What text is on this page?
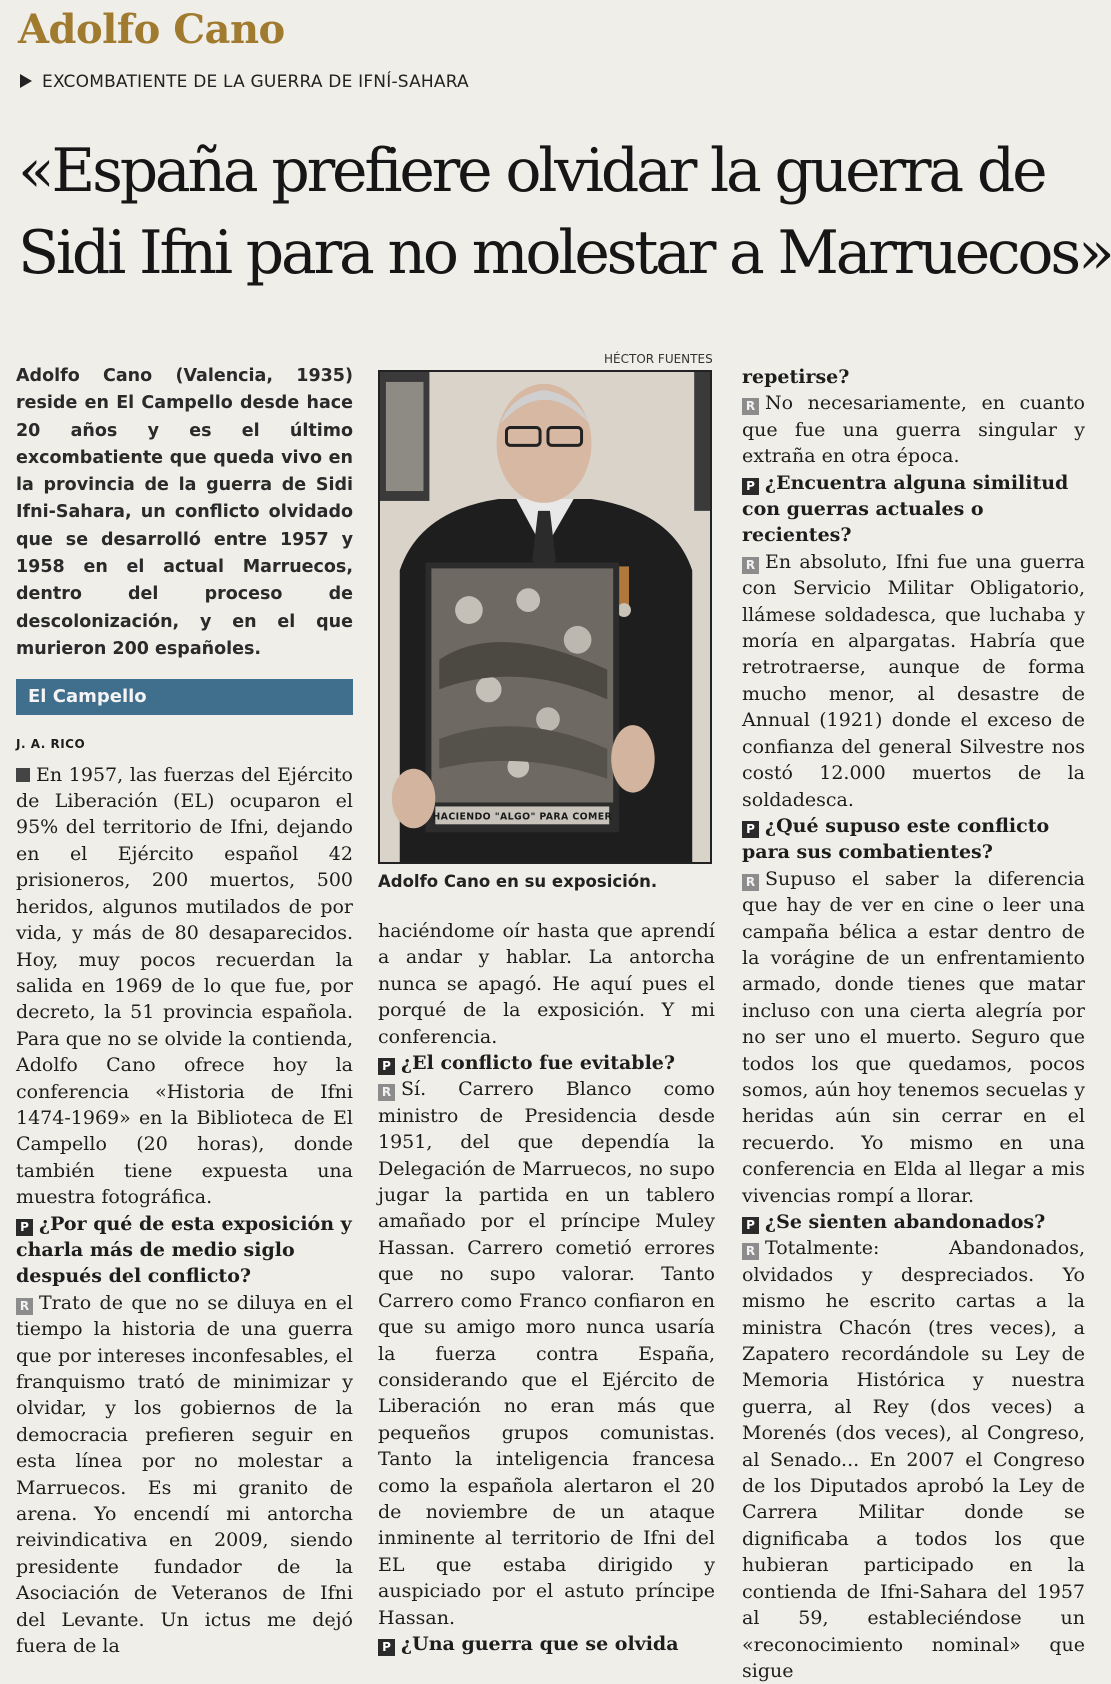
Adolfo Cano
EXCOMBATIENTE DE LA GUERRA DE IFNÍ-SAHARA
«España prefiere olvidar la guerra de
Sidi Ifni para no molestar a Marruecos»

Adolfo Cano (Valencia, 1935) reside en El Campello desde hace 20 años y es el último excombatiente que queda vivo en la provincia de la guerra de Sidi Ifni-Sahara, un conflicto olvidado que se desarrolló entre 1957 y 1958 en el actual Marruecos, dentro del proceso de descolonización, y en el que murieron 200 españoles.

El Campello
J. A. RICO

En 1957, las fuerzas del Ejército de Liberación (EL) ocuparon el 95% del territorio de Ifni, dejando en el Ejército español 42 prisioneros, 200 muertos, 500 heridos, algunos mutilados de por vida, y más de 80 desaparecidos. Hoy, muy pocos recuerdan la salida en 1969 de lo que fue, por decreto, la 51 provincia española. Para que no se olvide la contienda, Adolfo Cano ofrece hoy la conferencia «Historia de Ifni 1474-1969» en la Biblioteca de El Campello (20 horas), donde también tiene expuesta una muestra fotográfica.

P ¿Por qué de esta exposición y charla más de medio siglo después del conflicto?

R Trato de que no se diluya en el tiempo la historia de una guerra que por intereses inconfesables, el franquismo trató de minimizar y olvidar, y los gobiernos de la democracia prefieren seguir en esta línea por no molestar a Marruecos. Es mi granito de arena. Yo encendí mi antorcha reivindicativa en 2009, siendo presidente fundador de la Asociación de Veteranos de Ifni del Levante. Un ictus me dejó fuera de la

HÉCTOR FUENTES
HACIENDO "ALGO" PARA COMER
Adolfo Cano en su exposición.

haciéndome oír hasta que aprendí a andar y hablar. La antorcha nunca se apagó. He aquí pues el porqué de la exposición. Y mi conferencia.

P ¿El conflicto fue evitable?

R Sí. Carrero Blanco como ministro de Presidencia desde 1951, del que dependía la Delegación de Marruecos, no supo jugar la partida en un tablero amañado por el príncipe Muley Hassan. Carrero cometió errores que no supo valorar. Tanto Carrero como Franco confiaron en que su amigo moro nunca usaría la fuerza contra España, considerando que el Ejército de Liberación no eran más que pequeños grupos comunistas. Tanto la inteligencia francesa como la española alertaron el 20 de noviembre de un ataque inminente al territorio de Ifni del EL que estaba dirigido y auspiciado por el astuto príncipe Hassan.

P ¿Una guerra que se olvida

repetirse?

R No necesariamente, en cuanto que fue una guerra singular y extraña en otra época.

P ¿Encuentra alguna similitud con guerras actuales o recientes?

R En absoluto, Ifni fue una guerra con Servicio Militar Obligatorio, llámese soldadesca, que luchaba y moría en alpargatas. Habría que retrotraerse, aunque de forma mucho menor, al desastre de Annual (1921) donde el exceso de confianza del general Silvestre nos costó 12.000 muertos de la soldadesca.

P ¿Qué supuso este conflicto para sus combatientes?

R Supuso el saber la diferencia que hay de ver en cine o leer una campaña bélica a estar dentro de la vorágine de un enfrentamiento armado, donde tienes que matar incluso con una cierta alegría por no ser uno el muerto. Seguro que todos los que quedamos, pocos somos, aún hoy tenemos secuelas y heridas aún sin cerrar en el recuerdo. Yo mismo en una conferencia en Elda al llegar a mis vivencias rompí a llorar.

P ¿Se sienten abandonados?

R Totalmente: Abandonados, olvidados y despreciados. Yo mismo he escrito cartas a la ministra Chacón (tres veces), a Zapatero recordándole su Ley de Memoria Histórica y nuestra guerra, al Rey (dos veces) a Morenés (dos veces), al Congreso, al Senado... En 2007 el Congreso de los Diputados aprobó la Ley de Carrera Militar donde se dignificaba a todos los que hubieran participado en la contienda de Ifni-Sahara del 1957 al 59, estableciéndose un «reconocimiento nominal» que sigue
